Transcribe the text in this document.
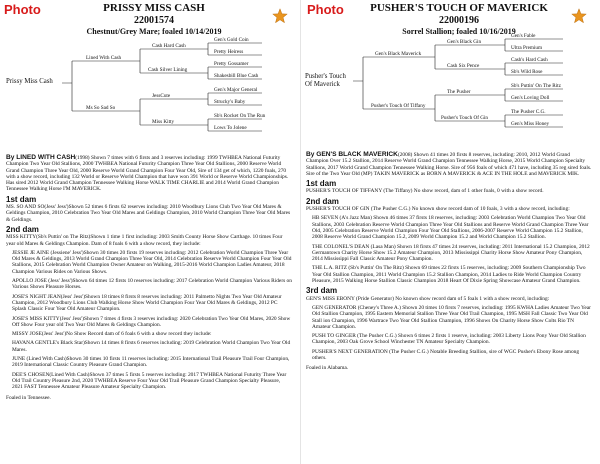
Photo	PRISSY MISS CASH
22001574
Chestnut/Grey Mare; foaled 10/14/2019
Prissy Miss Cash
Lined With Cash
Ms So Sad So
Cash Hard Cash
Cash Silver Lining
JessCute
Miss Kitty
Gen's Gold Coin
Pretty Heiress
Pretty Gossamer
Shakesbill Blue Cash
Gen's Major General
Strucky's Baby
Sb's Rocket On The Run
Lows To Jolene

By LINED WITH CASH(1998) Shown 7 times with 6 firsts and 3 reserves including: 1999 TWHBEA National Futurity Champion Two Year Old Stallions, 2000 TWHBEA National Futurity Champion Three Year Old Stallions, 2000 Reserve World Grand Champion Three Year Old, 2000 Reserve World Grand Champion Four Year Old, Sire of 134 get of which, 1220 foals, 270 with a show record, including 132 World or Reserve World Champion that have won 391 World or Reserve World Championships. Has sired 2012 World Grand Champion Tennessee Walking Horse WALK TIME CHARLIE and 2014 World Grand Champion Tennessee Walking Horse I'M MAVERICK.

1st dam

MS. SO AND SO(Jess' Jess')Shown 52 times 6 firsts 62 reserves including: 2010 Woodbury Lions Club Two Year Old Mares & Geldings Champion, 2010 Celebration Two Year Old Mares and Geldings Champion, 2010 World Champion Three Year Old Mares & Geldings.

2nd dam

MISS KITTY(Sb's Puttin' on The Ritz)Shown 1 time 1 first including: 2003 Smith County Horse Show Carthage. 10 times Four year old Mares & Geldings Champion. Dam of 8 foals 6 with a show record, they include:

JESSIE JE AINE (Jessiene' Jess')Shown 30 times 20 firsts 19 reserves including: 2012 Celebration World Champion Three Year Old Mares & Geldings, 2013 World Grand Champion Three Year Old, 2014 Celebration Reserve World Champion Four Year Old Stallions, 2015 Celebration World Champion Owner Amateur on Walking, 2015-2016 World Champion Ladies Amateur, 2018 Champion Various Rides on Various Shows.

APOLLO JOSE (Jess' Jess')Shown 64 times 12 firsts 10 reserves including: 2017 Celebration World Champion Various Riders on Various Shows Pleasure Horses.

JOSE'S NIGHT JEAN(Jess' Jess')Shown 18 times 8 firsts 8 reserves including: 2011 Palmetto Nights Two Year Old Amateur Champion, 2012 Woodbury Lions Club Walking Horse Show World Champion Four Year Old Mares & Geldings, 2012 PC Splash Classic Four Year Old Amateur Champion.

JOSE'S MISS KITTY(Jess' Jess')Shown 7 times 4 firsts 3 reserves including: 2020 Celebration Two Year Old Mares, 2020 Show Off Show Four year old Two Year Old Mares & Geldings Champion.

MISSY JOSE(Jess' Jess')No Show Record dam of 6 foals 6 with a show record they include:

HAVANA GENTLE's Black Star)Shown 14 times 8 firsts 6 reserves including: 2019 Celebration World Champion Two Year Old Mares.

JUNE (Lined With Cash)Shown 30 times 10 firsts 11 reserves including: 2015 International Trail Pleasure Trail Four Champion, 2019 International Classic Country Pleasure Grand Champion.

DEE'S CHOSEN(Lined With Cash)Shown 37 times 5 firsts 5 reserves including: 2017 TWHBEA National Futurity Three Year Old Trail Country Pleasure 2nd, 2020 TWHBEA Reserve Four Year Old Trail Pleasure Grand Champion Specialty Pleasure, 2021 FAST Tennessee Amateur Pleasure Amateur Specialty Champion.

Foaled in Tennessee.

Photo	PUSHER'S TOUCH OF MAVERICK
22000196
Sorrel Stallion; foaled 10/16/2019
Pusher's Touch Of Maverick
Gen's Black Maverick
Pusher's Touch Of Tiffany
Gen's Black Gin
Cash Six Pence
The Pusher
Pusher's Touch Of Gin
Gen's Fable
Ultra Premium
Cash's Hard Cash
Sb's Wild Rose
Sb's Puttin' On The Ritz
Gen's Loving Doll
The Pusher C.G.
Gen's Miss Honey

By GEN'S BLACK MAVERICK(2008) Shown 41 times 20 firsts 8 reserves, including: 2010, 2012 World Grand Champion Over 15.2 Stallion, 2014 Reserve World Grand Champion Tennessee Walking Horse, 2015 World Champion Specialty Stallions, 2017 World Grand Champion Tennessee Walking Horse. Sire of 956 foals of which 471 have, including 35 reg sired foals. Sire of the Two Year Old (MP) TAKIN MAVERICK as BORN A MAVERICK & ACE IN THE HOLE and MAVERICK MIK.

1st dam

PUSHER'S TOUCH OF TIFFANY (The Tiffany) No show record, dam of 1 other foals, 0 with a show record.

2nd dam

PUSHER'S TOUCH OF GIN (The Pusher C.G.) No known show record dam of 10 foals, 3 with a show record, including:

HB SEVEN (A's Jazz Man) Shown 46 times 37 firsts 18 reserves, including: 2003 Celebration World Champion Two Year Old Stallions, 2003 Celebration Reserve World Champion Three Year Old Stallions and Reserve World Grand Champion Three Year Old, 2005 Celebration Reserve World Champion Four Year Old Stallions, 2006-2007 Reserve World Champion 15.2 Stallion, 2008 Reserve World Grand Champion 15.2, 2009 World Champion 15.2 and World Champion 15.2 Stallion.

THE COLONEL'S DEAN (Lasa Man) Shown 18 firsts 47 times 24 reserves, including: 2011 International 15.2 Champion, 2012 Germantown Charity Horse Show 15.2 Amateur Champion, 2013 Mississippi Charity Horse Show Amateur Pony Champion, 2014 Mississippi Fall Classic Amateur Pony Champion.

THE L.A. RITZ (Sb's Puttin' On The Ritz) Shown 69 times 22 firsts 15 reserves, including: 2009 Southern Championship Two Year Old Stallion Champion, 2011 World Champion 15.2 Stallion Champion, 2014 Ladies to Ride World Champion Country Pleasure, 2015 Walking Horse Stallion Classic Champion 2018 Heart Of Dixie Spring Showcase Amateur Grand Champion.

3rd dam

GEN'S MISS EBONY (Pride Generator) No known show record dam of 5 foals 1 with a show record, including:

GEN GENERATOR (Cheney's Three A.) Shown 20 times 10 firsts 7 reserves, including: 1995 KWHA Ladies Amateur Two Year Old Stallion Champion, 1995 Eastern Memorial Stallion Three Year Old Trail Champion, 1995 MSH Fall Classic Two Year Old Stall ion Champion, 1996 Wartrace Two Year Old Stallion Champion, 1996 Shows On Charity Horse Show Colts Rio TN Amateur Champion.

PUSH TO GINGER (The Pusher C.G.) Shown 6 times 2 firsts 1 reserve, including: 2003 Liberty Lions Pony Year Old Stallion Champion, 2003 Oak Grove School Winchester TN Amateur Specialty Champion.

PUSHER'S NEXT GENERATION (The Pusher C.G.) Notable Breeding Stallion, sire of WGC Pusher's Ebony Rose among others.

Foaled in Alabama.
